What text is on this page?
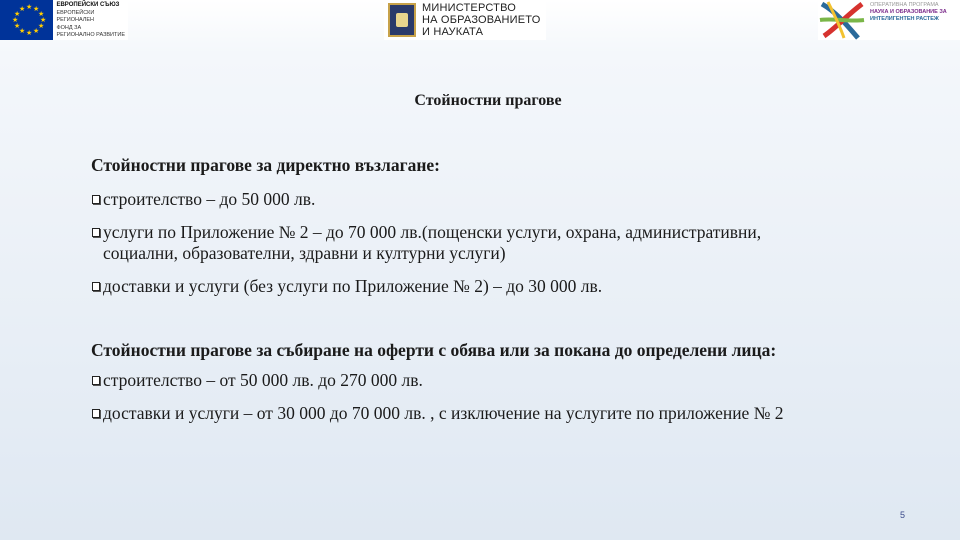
★ ★
★
★
★
★
★
★
★
★
★
★	ЕВРОПЕЙСКИ СЪЮЗ
ЕВРОПЕЙСКИ
РЕГИОНАЛЕН
ФОНД ЗА
РЕГИОНАЛНО РАЗВИТИЕ
МИНИСТЕРСТВО
НА ОБРАЗОВАНИЕТО
И НАУКАТА
ОПЕРАТИВНА ПРОГРАМА
НАУКА И ОБРАЗОВАНИЕ ЗА
ИНТЕЛИГЕНТЕН РАСТЕЖ
Стойностни прагове

Стойностни прагове за директно възлагане:

строителство – до 50 000 лв.
услуги по Приложение № 2 – до 70 000 лв.(пощенски услуги, охрана, административни,
социални, образователни, здравни и културни услуги)
доставки и услуги (без услуги по Приложение № 2) – до 30 000 лв.

Стойностни прагове за събиране на оферти с обява или за покана до определени лица:

строителство – от 50 000 лв. до 270 000 лв.
доставки и услуги – от 30 000 до 70 000 лв. , с изключение на услугите по приложение № 2
5
